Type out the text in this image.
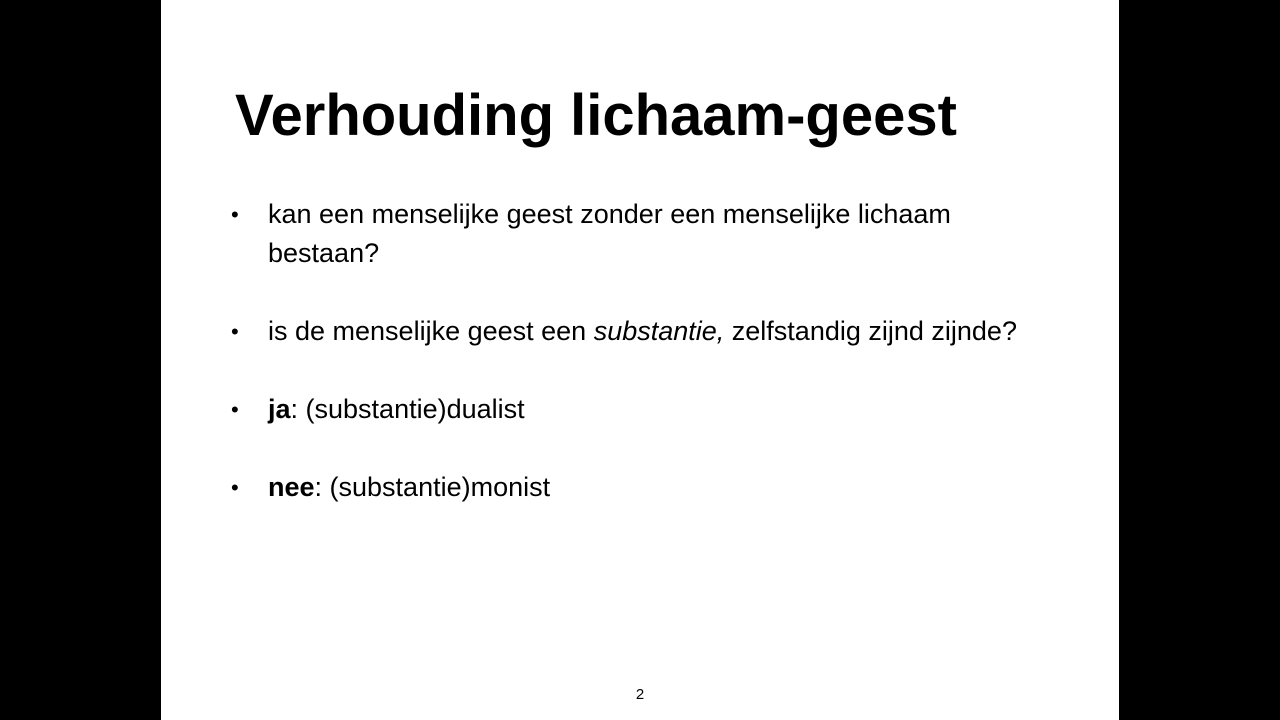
Verhouding lichaam-geest
• kan een menselijke geest zonder een menselijke lichaam bestaan?
• is de menselijke geest een substantie, zelfstandig zijnd zijnde?
• ja: (substantie)dualist
• nee: (substantie)monist
2
